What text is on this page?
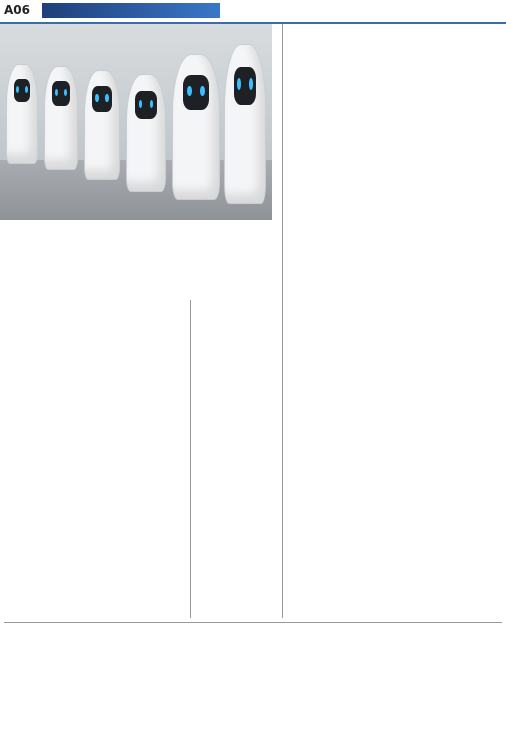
A06
